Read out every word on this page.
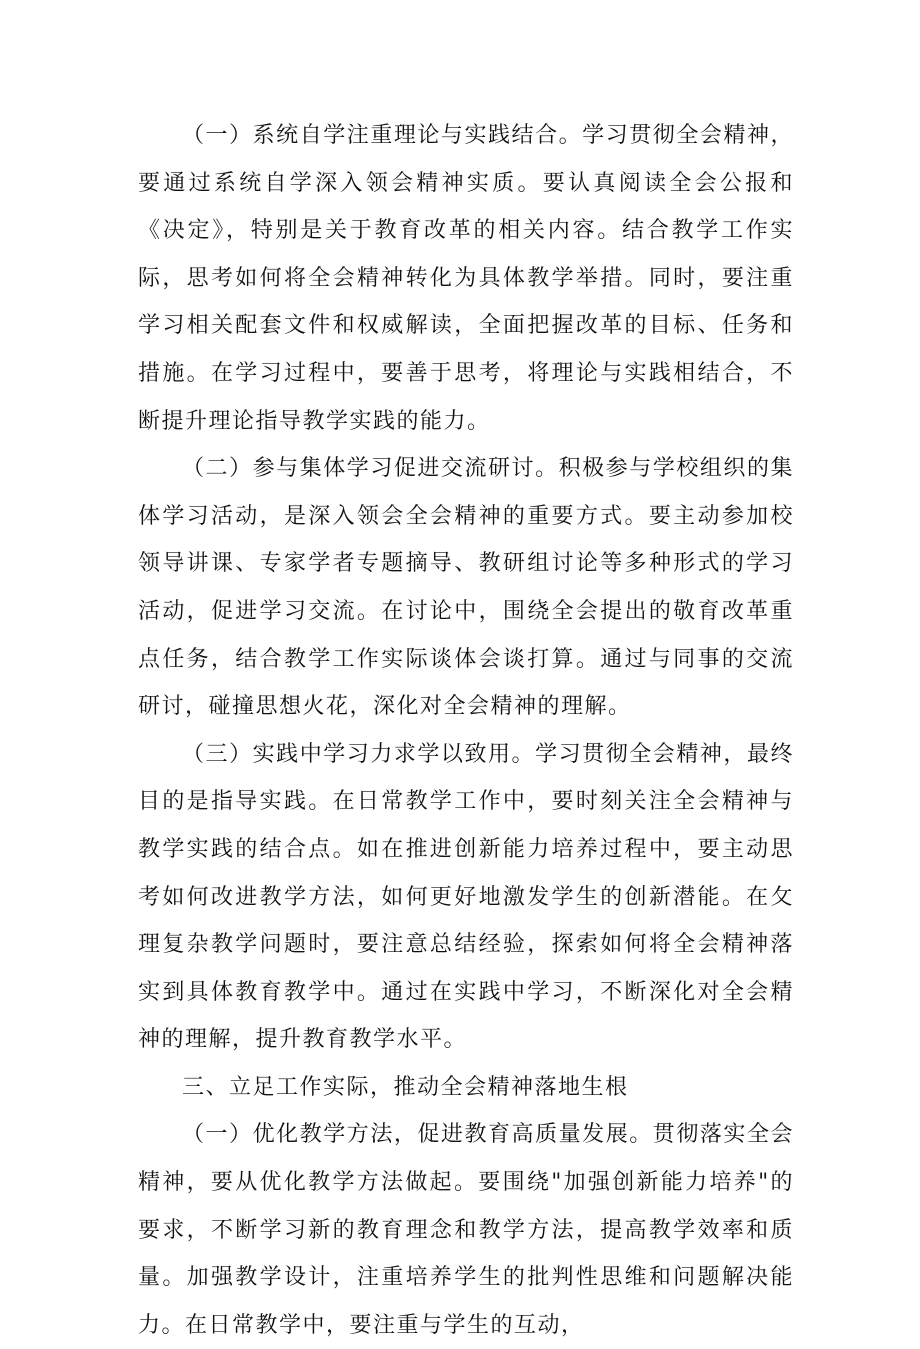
（一）系统自学注重理论与实践结合。学习贯彻全会精神，要通过系统自学深入领会精神实质。要认真阅读全会公报和《决定》，特别是关于教育改革的相关内容。结合教学工作实际，思考如何将全会精神转化为具体教学举措。同时，要注重学习相关配套文件和权威解读，全面把握改革的目标、任务和措施。在学习过程中，要善于思考，将理论与实践相结合，不断提升理论指导教学实践的能力。

（二）参与集体学习促进交流研讨。积极参与学校组织的集体学习活动，是深入领会全会精神的重要方式。要主动参加校领导讲课、专家学者专题摘导、教研组讨论等多种形式的学习活动，促进学习交流。在讨论中，围绕全会提出的敬育改革重点任务，结合教学工作实际谈体会谈打算。通过与同事的交流研讨，碰撞思想火花，深化对全会精神的理解。

（三）实践中学习力求学以致用。学习贯彻全会精神，最终目的是指导实践。在日常教学工作中，要时刻关注全会精神与教学实践的结合点。如在推进创新能力培养过程中，要主动思考如何改进教学方法，如何更好地激发学生的创新潜能。在攵理复杂教学问题时，要注意总结经验，探索如何将全会精神落实到具体教育教学中。通过在实践中学习，不断深化对全会精神的理解，提升教育教学水平。

三、立足工作实际，推动全会精神落地生根

（一）优化教学方法，促进教育高质量发展。贯彻落实全会精神，要从优化教学方法做起。要围绕"加强创新能力培养"的要求，不断学习新的教育理念和教学方法，提高教学效率和质量。加强教学设计，注重培养学生的批判性思维和问题解决能力。在日常教学中，要注重与学生的互动，
